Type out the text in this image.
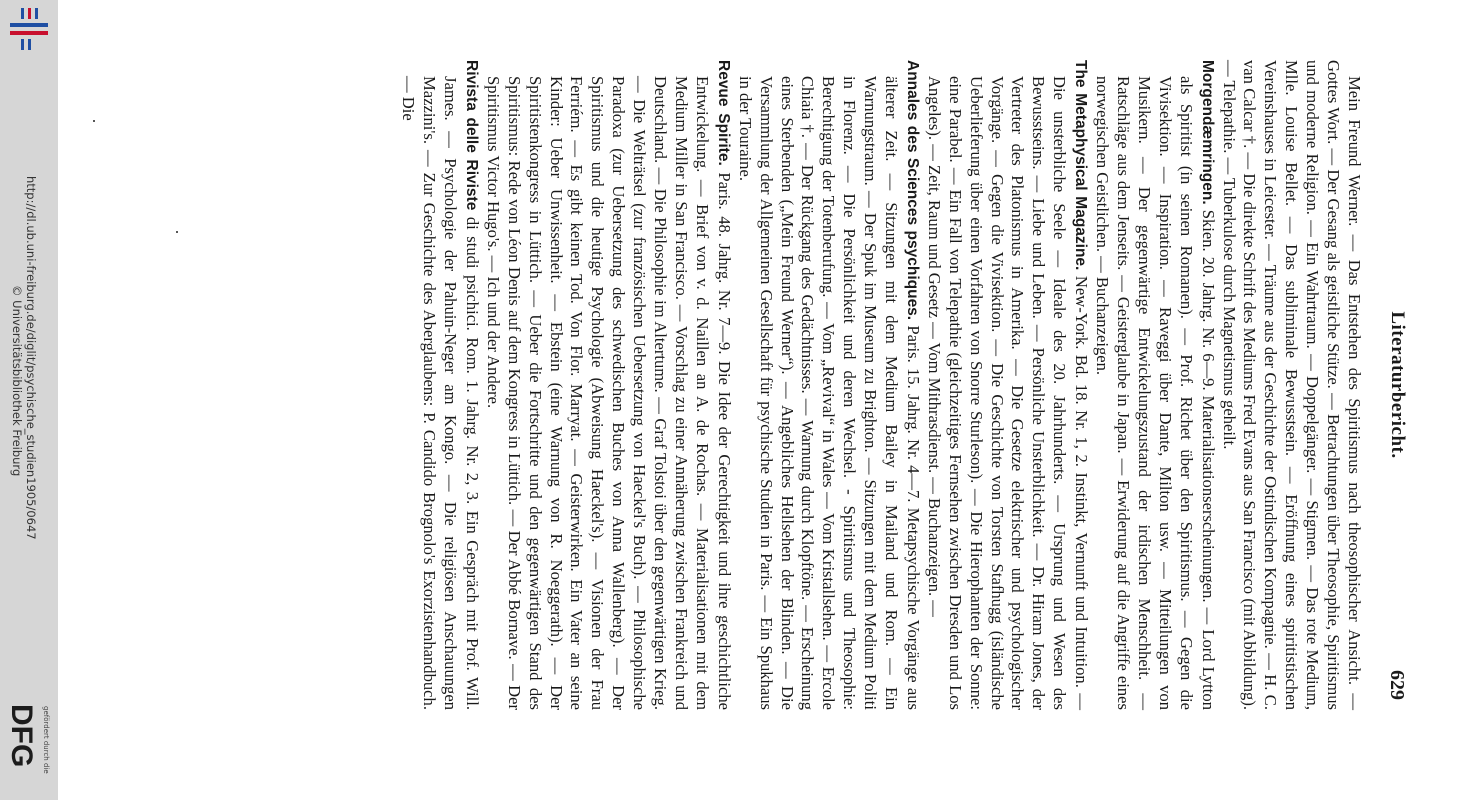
http://dl.ub.uni-freiburg.de/diglit/psychische_studien1905/0647
© Universitätsbibliothek Freiburg
gefördert durch die
DFG
Literaturbericht.
629

Mein Freund Werner. — Das Entstehen des Spiritismus nach theosophischer Ansicht. — Gottes Wort. — Der Gesang als geistliche Stütze. — Betrachtungen über Theosophie, Spiritismus und moderne Religion. — Ein Wahrtraum. — Doppelgänger. — Stigmen. — Das rote Medium, Mlle. Louise Bellet. — Das subliminale Bewusstsein. — Eröffnung eines spiritistischen Vereinshauses in Leicester. — Träume aus der Geschichte der Ostindischen Kompagnie. — H. C. van Calcar †. — Die direkte Schrift des Mediums Fred Evans aus San Francisco (mit Abbildung). — Telepathie. — Tuberkulose durch Magnetismus geheilt.

Morgendæmringen. Skien. 20. Jahrg. Nr. 6—9. Materialisationserscheinungen. — Lord Lytton als Spiritist (in seinen Romanen). — Prof. Richet über den Spiritismus. — Gegen die Vivisektion. — Inspiration. — Raveggi über Dante, Milton usw. — Mitteilungen von Musikern. — Der gegenwärtige Entwickelungszustand der irdischen Menschheit. — Ratschläge aus dem Jenseits. — Geisterglaube in Japan. — Erwiderung auf die Angriffe eines norwegischen Geistlichen. — Buchanzeigen.

The Metaphysical Magazine. New-York. Bd. 18. Nr. 1, 2. Instinkt, Vernunft und Intuition. — Die unsterbliche Seele — Ideale des 20. Jahrhunderts. — Ursprung und Wesen des Bewusstseins. — Liebe und Leben. — Persönliche Unsterblichkeit. — Dr. Hiram Jones, der Vertreter des Platonismus in Amerika. — Die Gesetze elektrischer und psychologischer Vorgänge. — Gegen die Vivisektion. — Die Geschichte von Torsten Stafhugg (isländische Ueberlieferung über einen Vorfahren von Snorre Sturleson). — Die Hierophanten der Sonne: eine Parabel. — Ein Fall von Telepathie (gleichzeitiges Fernsehen zwischen Dresden und Los Angeles). — Zeit, Raum und Gesetz — Vom Mithrasdienst. — Buchanzeigen. —

Annales des Sciences psychiques. Paris. 15. Jahrg. Nr. 4—7. Metapsychische Vorgänge aus älterer Zeit. — Sitzungen mit dem Medium Bailey in Mailand und Rom. — Ein Warnungstraum. — Der Spuk im Museum zu Brighton. — Sitzungen mit dem Medium Politi in Florenz. — Die Persönlichkeit und deren Wechsel. - Spiritismus und Theosophie: Berechtigung der Totenberufung. — Vom „Revival“ in Wales — Vom Kristallsehen. — Ercole Chiaia †. — Der Rückgang des Gedächtnisses. — Warnung durch Klopftöne. — Erscheinung eines Sterbenden („Mein Freund Werner“). — Angebliches Hellsehen der Blinden. — Die Versammlung der Allgemeinen Gesellschaft für psychische Studien in Paris. — Ein Spukhaus in der Touraine.

Revue Spirite. Paris. 48. Jahrg. Nr. 7—9. Die Idee der Gerechtigkeit und ihre geschichtliche Entwickelung. — Brief von v. d. Naillen an A. de Rochas. — Materialisationen mit dem Medium Miller in San Francisco. — Vorschlag zu einer Annäherung zwischen Frankreich und Deutschland. — Die Philosophie im Altertume. — Graf Tolstoi über den gegenwärtigen Krieg. — Die Welträtsel (zur französischen Uebersetzung von Haeckel's Buch). — Philosophische Paradoxa (zur Uebersetzung des schwedischen Buches von Anna Wallenberg). — Der Spiritismus und die heutige Psychologie (Abweisung Haeckel's). — Visionen der Frau Ferriém. — Es gibt keinen Tod. Von Flor. Marryat. — Geisterwirken. Ein Vater an seine Kinder: Ueber Unwissenheit. — Ebstein (eine Warnung von R. Noeggerath). — Der Spiritistenkongress in Lüttich. — Ueber die Fortschritte und den gegenwärtigen Stand des Spiritismus: Rede von Léon Denis auf dem Kongress in Lüttich. — Der Abbé Bornave. — Der Spiritismus Victor Hugo's. — Ich und der Andere.

Rivista delle Riviste di studi psichici. Rom. 1. Jahrg. Nr. 2, 3. Ein Gespräch mit Prof. Will. James. — Psychologie der Pahuin-Neger am Kongo. — Die religiösen Anschauungen Mazzini's. — Zur Geschichte des Aberglaubens: P. Candido Brognolo's Exorzistenhandbuch. — Die
